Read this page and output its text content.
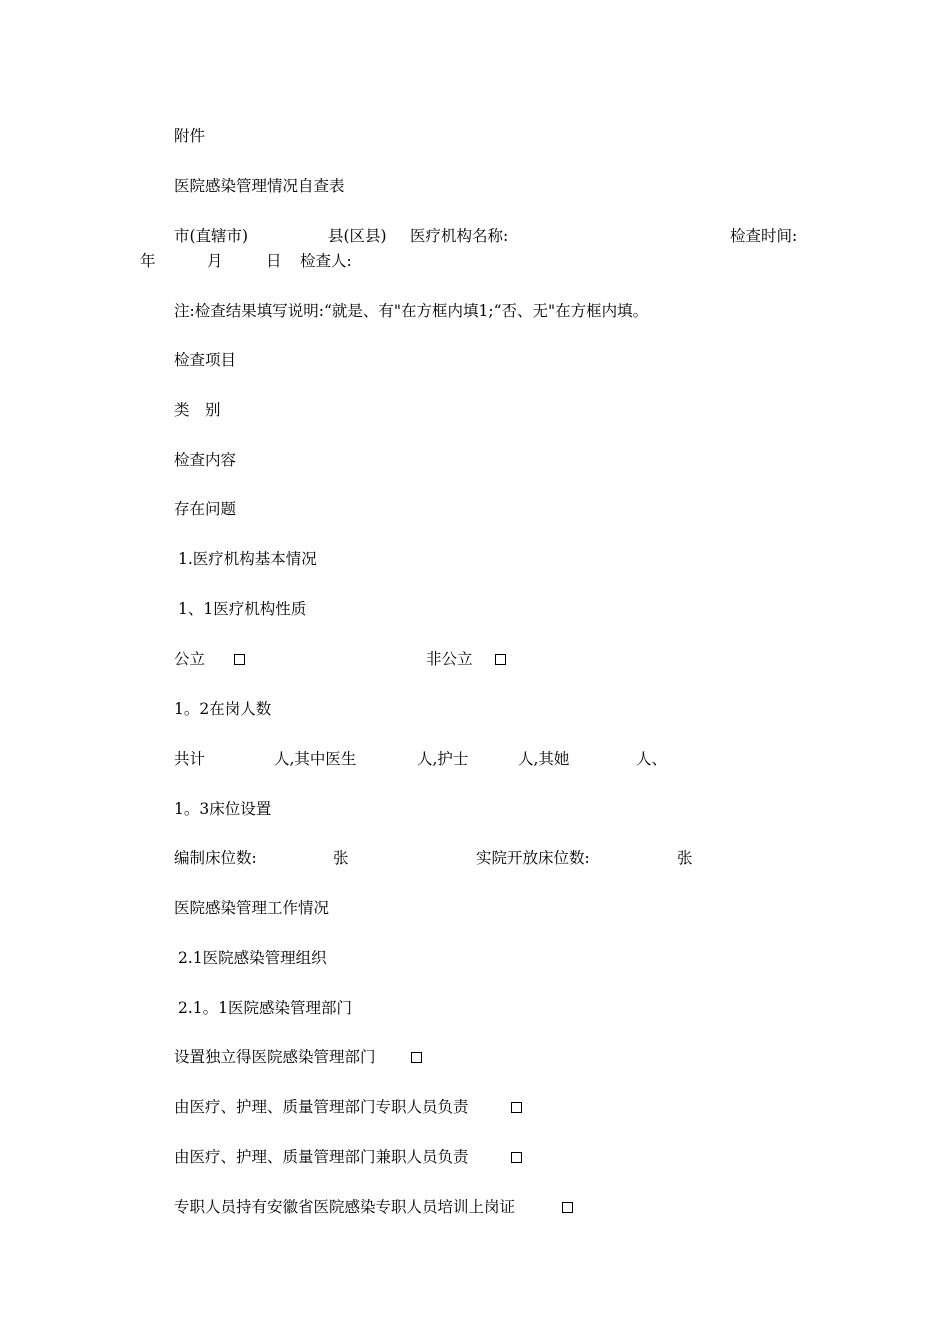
附件
医院感染管理情况自查表
市(直辖市)	县(区县) 医疗机构名称:	检查时间:
年	月	日 检查人:
注:检查结果填写说明:“就是、有"在方框内填1;“否、无"在方框内填。
检查项目
类　别
检查内容
存在问题
1.医疗机构基本情况
1、1医疗机构性质
公立	非公立
1。2在岗人数
共计	人,其中医生	人,护士	人,其她	人、
1。3床位设置
编制床位数:	张	实院开放床位数:	张
医院感染管理工作情况
2.1医院感染管理组织
2.1。1医院感染管理部门
设置独立得医院感染管理部门
由医疗、护理、质量管理部门专职人员负责
由医疗、护理、质量管理部门兼职人员负责
专职人员持有安徽省医院感染专职人员培训上岗证
